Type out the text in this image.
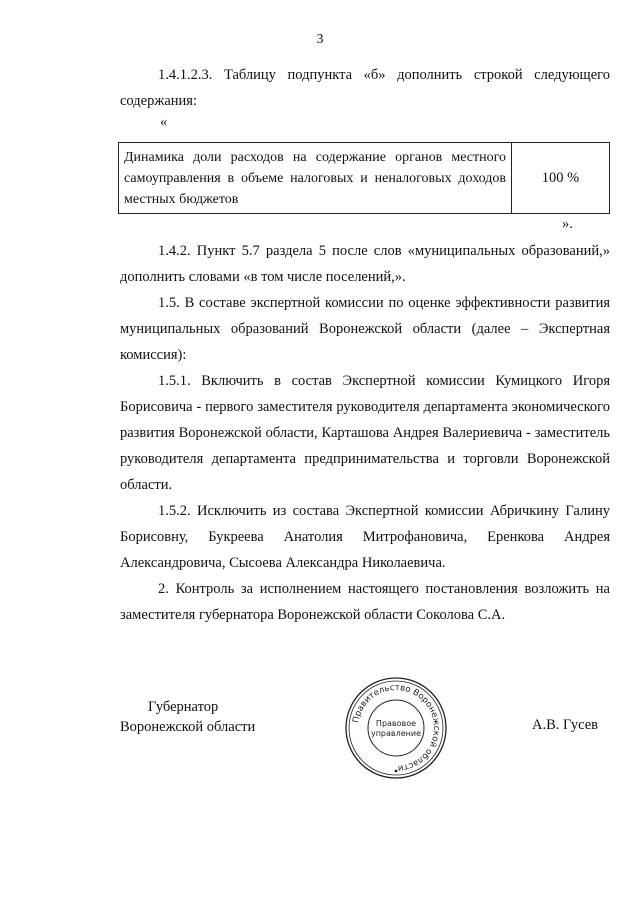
3

1.4.1.2.3. Таблицу подпункта «б» дополнить строкой следующего содержания:

«
Динамика доли расходов на содержание органов местного самоуправления в объеме налоговых и неналоговых доходов местных бюджетов
100 %
».

1.4.2. Пункт 5.7 раздела 5 после слов «муниципальных образований,» дополнить словами «в том числе поселений,».

1.5. В составе экспертной комиссии по оценке эффективности развития муниципальных образований Воронежской области (далее – Экспертная комиссия):

1.5.1. Включить в состав Экспертной комиссии Кумицкого Игоря Борисовича - первого заместителя руководителя департамента экономического развития Воронежской области, Карташова Андрея Валериевича - заместитель руководителя департамента предпринимательства и торговли Воронежской области.

1.5.2. Исключить из состава Экспертной комиссии Абричкину Галину Борисовну, Букреева Анатолия Митрофановича, Еренкова Андрея Александровича, Сысоева Александра Николаевича.

2. Контроль за исполнением настоящего постановления возложить на заместителя губернатора Воронежской области Соколова С.А.

Губернатор
Воронежской области	Правительство Воронежской области
Правовое
управление
А.В. Гусев
